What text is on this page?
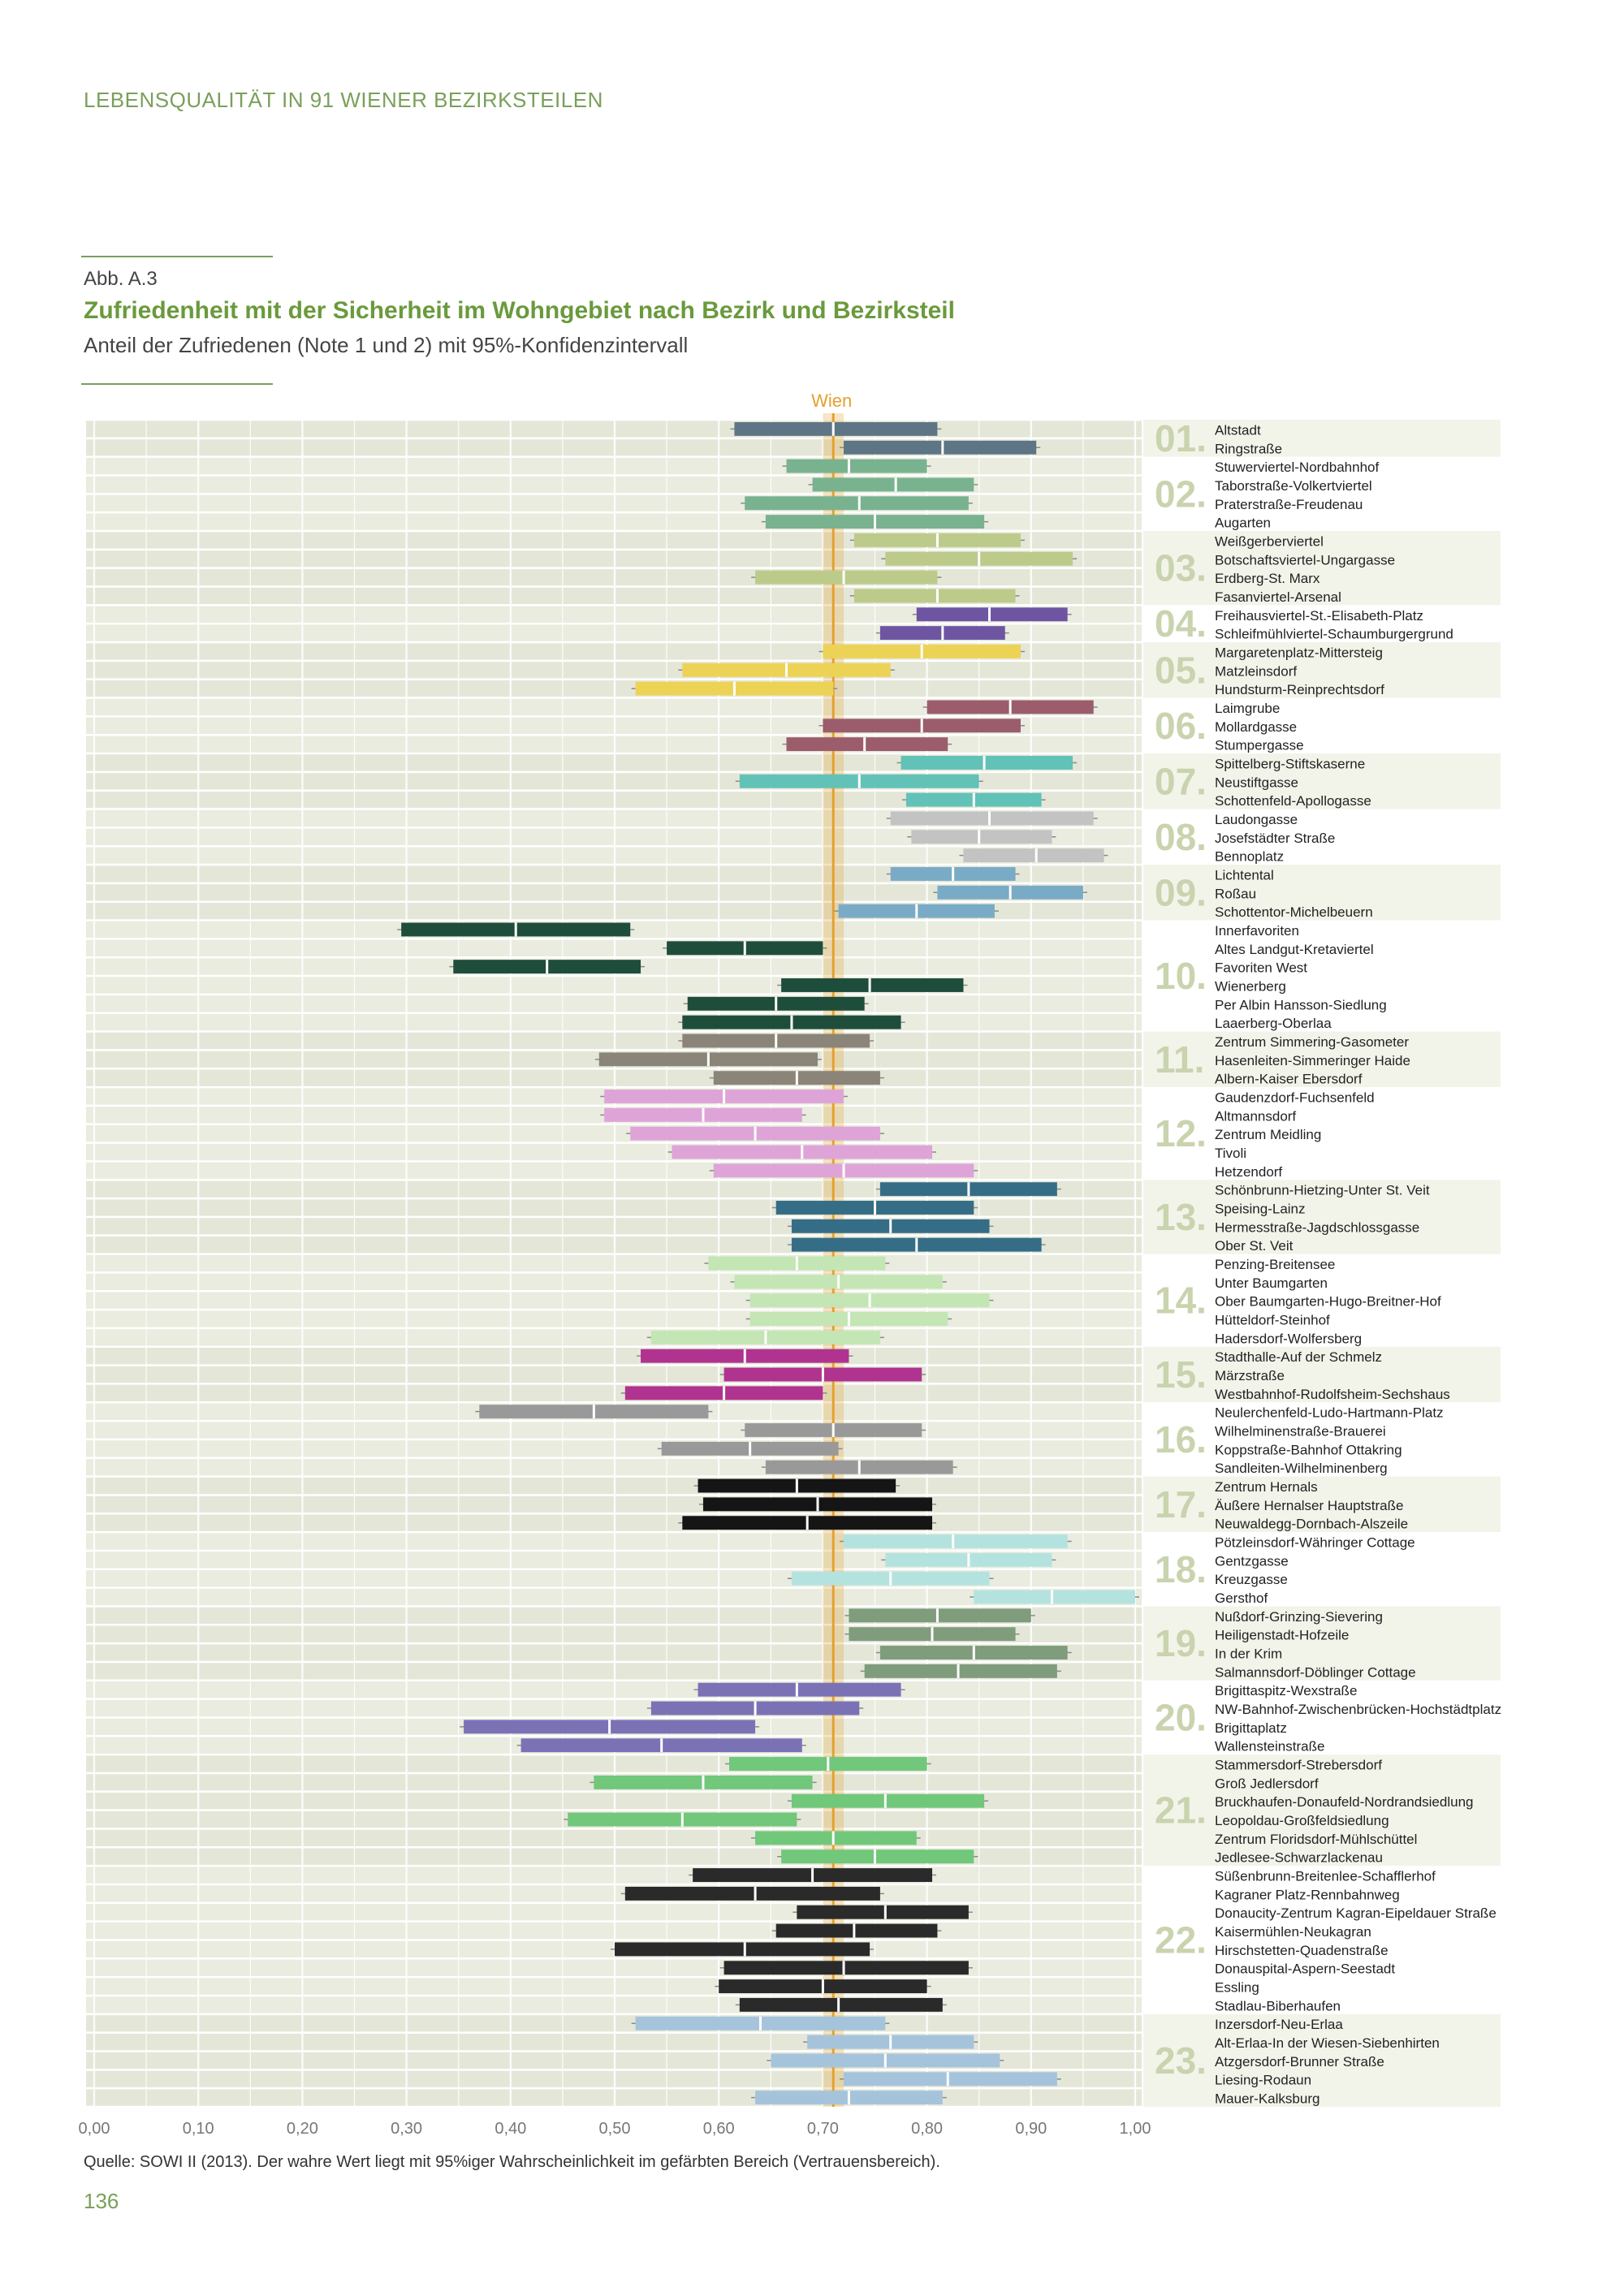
LEBENSQUALITÄT IN 91 WIENER BEZIRKSTEILEN
Abb. A.3
Zufriedenheit mit der Sicherheit im Wohngebiet nach Bezirk und Bezirksteil
Anteil der Zufriedenen (Note 1 und 2) mit 95%-Konfidenzintervall
Wien
01. Altstadt
Ringstraße
02.
Stuwerviertel-Nordbahnhof
Taborstraße-Volkertviertel
Praterstraße-Freudenau
Augarten
03.
Weißgerberviertel
Botschaftsviertel-Ungargasse
Erdberg-St. Marx
Fasanviertel-Arsenal
04. Freihausviertel-St.-Elisabeth-Platz
Schleifmühlviertel-Schaumburgergrund
05. Margaretenplatz-Mittersteig
Matzleinsdorf
Hundsturm-Reinprechtsdorf
06. Laimgrube
Mollardgasse
Stumpergasse
07. Spittelberg-Stiftskaserne
Neustiftgasse
Schottenfeld-Apollogasse
08. Laudongasse
Josefstädter Straße
Bennoplatz
09. Lichtental
Roßau
Schottentor-Michelbeuern
10.
Innerfavoriten
Altes Landgut-Kretaviertel
Favoriten West
Wienerberg
Per Albin Hansson-Siedlung
Laaerberg-Oberlaa
11. Zentrum Simmering-Gasometer
Hasenleiten-Simmeringer Haide
Albern-Kaiser Ebersdorf
12.
Gaudenzdorf-Fuchsenfeld
Altmannsdorf
Zentrum Meidling
Tivoli
Hetzendorf
13.
Schönbrunn-Hietzing-Unter St. Veit
Speising-Lainz
Hermesstraße-Jagdschlossgasse
Ober St. Veit
14.
Penzing-Breitensee
Unter Baumgarten
Ober Baumgarten-Hugo-Breitner-Hof
Hütteldorf-Steinhof
Hadersdorf-Wolfersberg
15. Stadthalle-Auf der Schmelz
Märzstraße
Westbahnhof-Rudolfsheim-Sechshaus
16.
Neulerchenfeld-Ludo-Hartmann-Platz
Wilhelminenstraße-Brauerei
Koppstraße-Bahnhof Ottakring
Sandleiten-Wilhelminenberg
17. Zentrum Hernals
Äußere Hernalser Hauptstraße
Neuwaldegg-Dornbach-Alszeile
18.
Pötzleinsdorf-Währinger Cottage
Gentzgasse
Kreuzgasse
Gersthof
19.
Nußdorf-Grinzing-Sievering
Heiligenstadt-Hofzeile
In der Krim
Salmannsdorf-Döblinger Cottage
20.
Brigittaspitz-Wexstraße
NW-Bahnhof-Zwischenbrücken-Hochstädtplatz
Brigittaplatz
Wallensteinstraße
21.
Stammersdorf-Strebersdorf
Groß Jedlersdorf
Bruckhaufen-Donaufeld-Nordrandsiedlung
Leopoldau-Großfeldsiedlung
Zentrum Floridsdorf-Mühlschüttel
Jedlesee-Schwarzlackenau
22.
Süßenbrunn-Breitenlee-Schafflerhof
Kagraner Platz-Rennbahnweg
Donaucity-Zentrum Kagran-Eipeldauer Straße
Kaisermühlen-Neukagran
Hirschstetten-Quadenstraße
Donauspital-Aspern-Seestadt
Essling
Stadlau-Biberhaufen
23.
Inzersdorf-Neu-Erlaa
Alt-Erlaa-In der Wiesen-Siebenhirten
Atzgersdorf-Brunner Straße
Liesing-Rodaun
Mauer-Kalksburg
0,00	0,10	0,20	0,30	0,40	0,50	0,60	0,70	0,80	0,90	1,00
Quelle: SOWI II (2013). Der wahre Wert liegt mit 95%iger Wahrscheinlichkeit im gefärbten Bereich (Vertrauensbereich).
136
